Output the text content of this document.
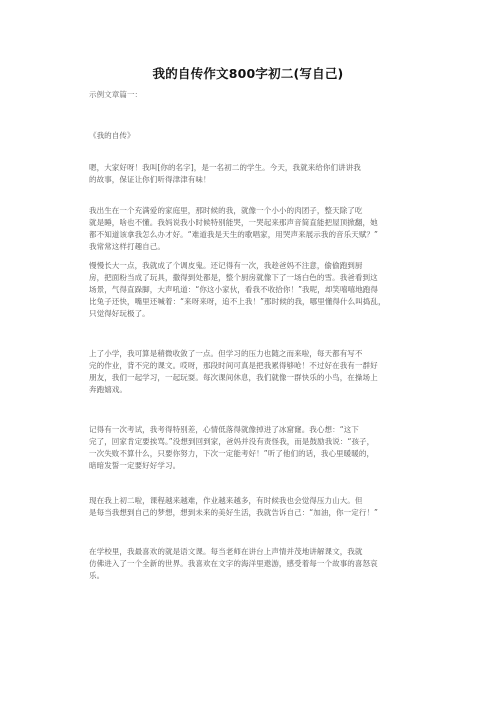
我的自传作文800字初二(写自己)
示例文章篇一：
《我的自传》
嗯，大家好呀！我叫[你的名字]，是一名初二的学生。今天，我就来给你们讲讲我
的故事，保证让你们听得津津有味！
我出生在一个充满爱的家庭里，那时候的我，就像一个小小的肉团子，整天除了吃
就是睡，啥也不懂。我妈说我小时候特别能哭，一哭起来那声音简直能把屋顶掀翻，她
都不知道该拿我怎么办才好。“难道我是天生的歌唱家，用哭声来展示我的音乐天赋？”
我常常这样打趣自己。
慢慢长大一点，我就成了个调皮鬼。还记得有一次，我趁爸妈不注意，偷偷跑到厨
房，把面粉当成了玩具，撒得到处都是，整个厨房就像下了一场白色的雪。我爸看到这
场景，气得直跺脚，大声吼道：“你这小家伙，看我不收拾你！”我呢，却笑嘻嘻地跑得
比兔子还快，嘴里还喊着：“来呀来呀，追不上我！”那时候的我，哪里懂得什么叫捣乱，
只觉得好玩极了。
上了小学，我可算是稍微收敛了一点。但学习的压力也随之而来啦，每天都有写不
完的作业，背不完的课文。哎呀，那段时间可真是把我累得够呛！不过好在我有一群好
朋友，我们一起学习，一起玩耍。每次课间休息，我们就像一群快乐的小鸟，在操场上
奔跑嬉戏。
记得有一次考试，我考得特别差，心情低落得就像掉进了冰窟窿。我心想：“这下
完了，回家肯定要挨骂。”没想到回到家，爸妈并没有责怪我，而是鼓励我说：“孩子，
一次失败不算什么，只要你努力，下次一定能考好！”听了他们的话，我心里暖暖的，
暗暗发誓一定要好好学习。
现在我上初二啦，课程越来越难，作业越来越多，有时候我也会觉得压力山大。但
是每当我想到自己的梦想，想到未来的美好生活，我就告诉自己：“加油，你一定行！”
在学校里，我最喜欢的就是语文课。每当老师在讲台上声情并茂地讲解课文，我就
仿佛进入了一个全新的世界。我喜欢在文字的海洋里遨游，感受着每一个故事的喜怒哀
乐。
